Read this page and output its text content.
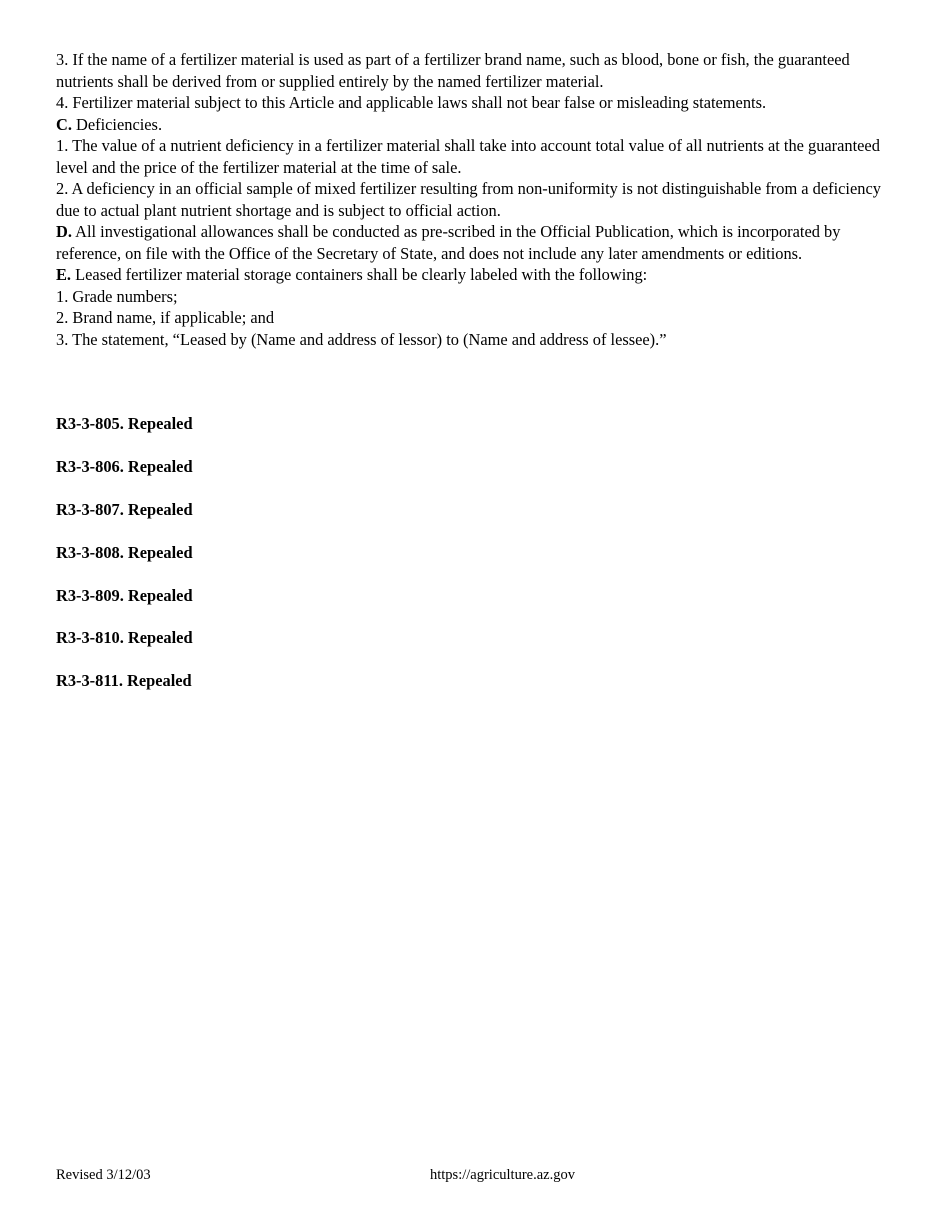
3. If the name of a fertilizer material is used as part of a fertilizer brand name, such as blood, bone or fish, the guaranteed nutrients shall be derived from or supplied entirely by the named fertilizer material.

4. Fertilizer material subject to this Article and applicable laws shall not bear false or misleading statements.

C. Deficiencies.

1. The value of a nutrient deficiency in a fertilizer material shall take into account total value of all nutrients at the guaranteed level and the price of the fertilizer material at the time of sale.

2. A deficiency in an official sample of mixed fertilizer resulting from non-uniformity is not distinguishable from a deficiency due to actual plant nutrient shortage and is subject to official action.

D. All investigational allowances shall be conducted as pre-scribed in the Official Publication, which is incorporated by reference, on file with the Office of the Secretary of State, and does not include any later amendments or editions.

E. Leased fertilizer material storage containers shall be clearly labeled with the following:

1. Grade numbers;

2. Brand name, if applicable; and

3. The statement, “Leased by (Name and address of lessor) to (Name and address of lessee).”

R3-3-805. Repealed

R3-3-806. Repealed

R3-3-807. Repealed

R3-3-808. Repealed

R3-3-809. Repealed

R3-3-810. Repealed

R3-3-811. Repealed

Revised 3/12/03	https://agriculture.az.gov
